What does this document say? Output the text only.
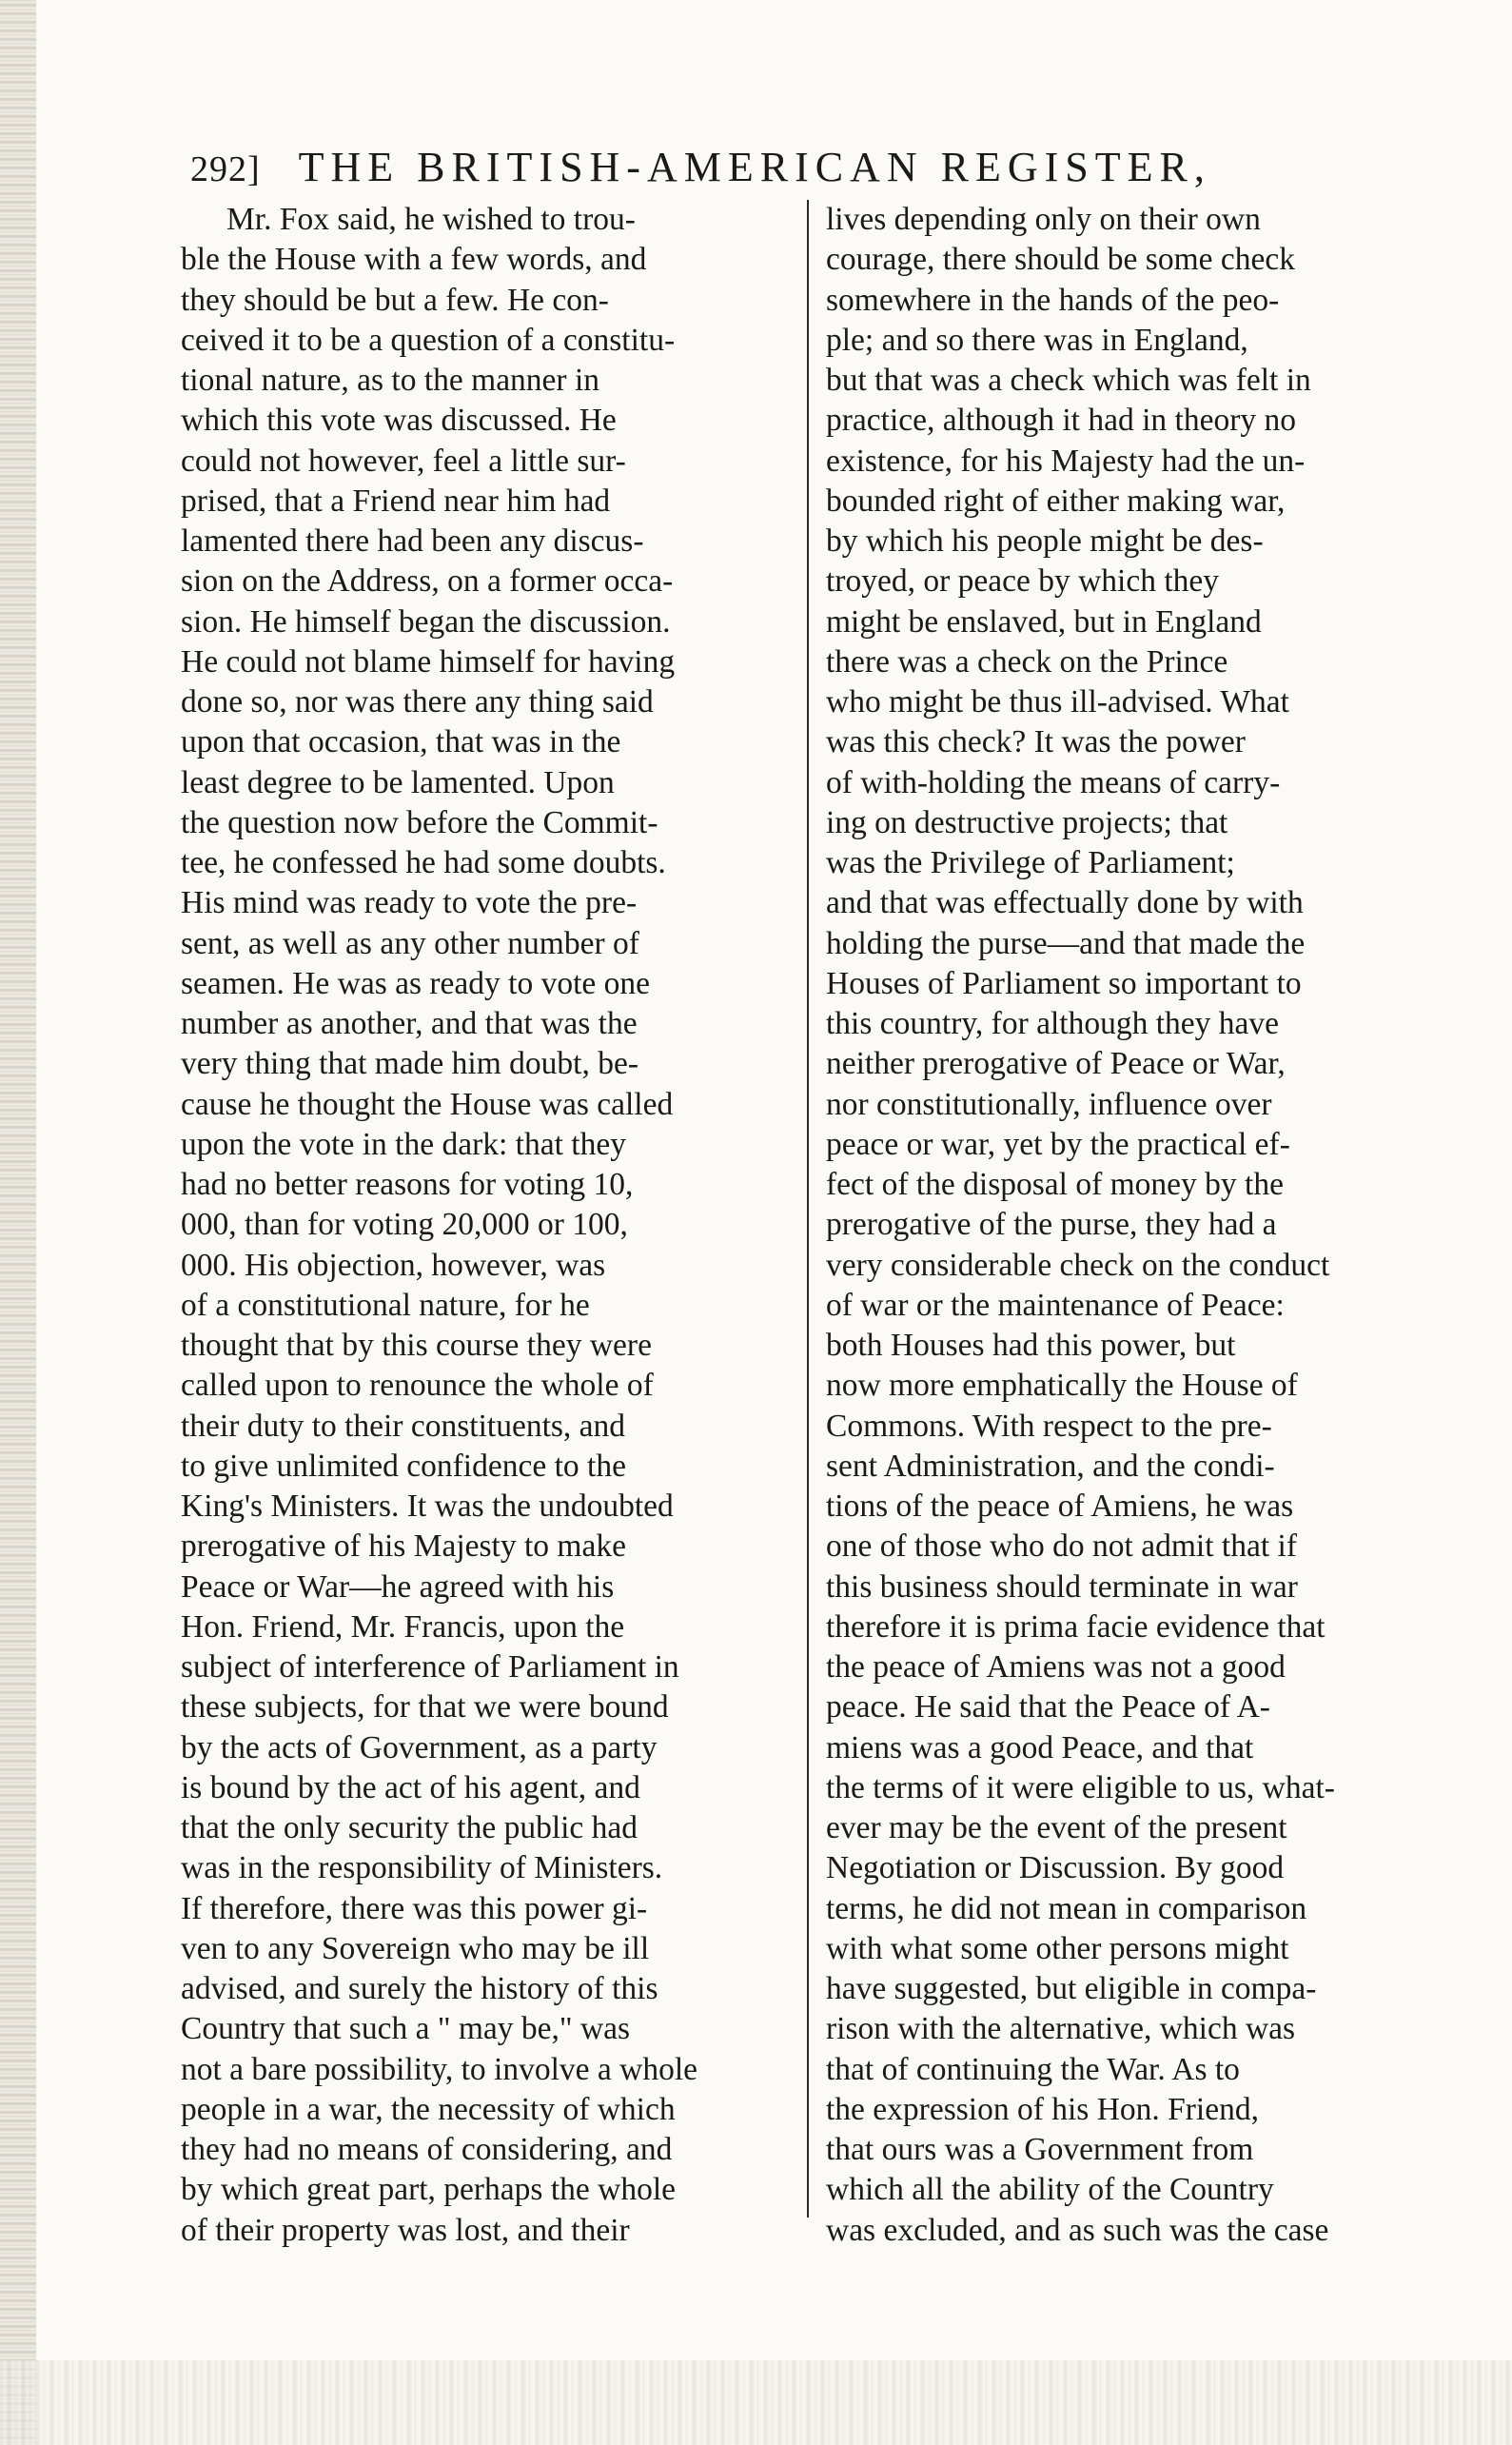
292] THE BRITISH-AMERICAN REGISTER,
Mr. Fox said, he wished to trou-
ble the House with a few words, and
they should be but a few. He con-
ceived it to be a question of a constitu-
tional nature, as to the manner in
which this vote was discussed. He
could not however, feel a little sur-
prised, that a Friend near him had
lamented there had been any discus-
sion on the Address, on a former occa-
sion. He himself began the discussion.
He could not blame himself for having
done so, nor was there any thing said
upon that occasion, that was in the
least degree to be lamented. Upon
the question now before the Commit-
tee, he confessed he had some doubts.
His mind was ready to vote the pre-
sent, as well as any other number of
seamen. He was as ready to vote one
number as another, and that was the
very thing that made him doubt, be-
cause he thought the House was called
upon the vote in the dark: that they
had no better reasons for voting 10,
000, than for voting 20,000 or 100,
000. His objection, however, was
of a constitutional nature, for he
thought that by this course they were
called upon to renounce the whole of
their duty to their constituents, and
to give unlimited confidence to the
King's Ministers. It was the undoubted
prerogative of his Majesty to make
Peace or War—he agreed with his
Hon. Friend, Mr. Francis, upon the
subject of interference of Parliament in
these subjects, for that we were bound
by the acts of Government, as a party
is bound by the act of his agent, and
that the only security the public had
was in the responsibility of Ministers.
If therefore, there was this power gi-
ven to any Sovereign who may be ill
advised, and surely the history of this
Country that such a " may be," was
not a bare possibility, to involve a whole
people in a war, the necessity of which
they had no means of considering, and
by which great part, perhaps the whole
of their property was lost, and their
lives depending only on their own
courage, there should be some check
somewhere in the hands of the peo-
ple; and so there was in England,
but that was a check which was felt in
practice, although it had in theory no
existence, for his Majesty had the un-
bounded right of either making war,
by which his people might be des-
troyed, or peace by which they
might be enslaved, but in England
there was a check on the Prince
who might be thus ill-advised. What
was this check? It was the power
of with-holding the means of carry-
ing on destructive projects; that
was the Privilege of Parliament;
and that was effectually done by with
holding the purse—and that made the
Houses of Parliament so important to
this country, for although they have
neither prerogative of Peace or War,
nor constitutionally, influence over
peace or war, yet by the practical ef-
fect of the disposal of money by the
prerogative of the purse, they had a
very considerable check on the conduct
of war or the maintenance of Peace:
both Houses had this power, but
now more emphatically the House of
Commons. With respect to the pre-
sent Administration, and the condi-
tions of the peace of Amiens, he was
one of those who do not admit that if
this business should terminate in war
therefore it is prima facie evidence that
the peace of Amiens was not a good
peace. He said that the Peace of A-
miens was a good Peace, and that
the terms of it were eligible to us, what-
ever may be the event of the present
Negotiation or Discussion. By good
terms, he did not mean in comparison
with what some other persons might
have suggested, but eligible in compa-
rison with the alternative, which was
that of continuing the War. As to
the expression of his Hon. Friend,
that ours was a Government from
which all the ability of the Country
was excluded, and as such was the case
